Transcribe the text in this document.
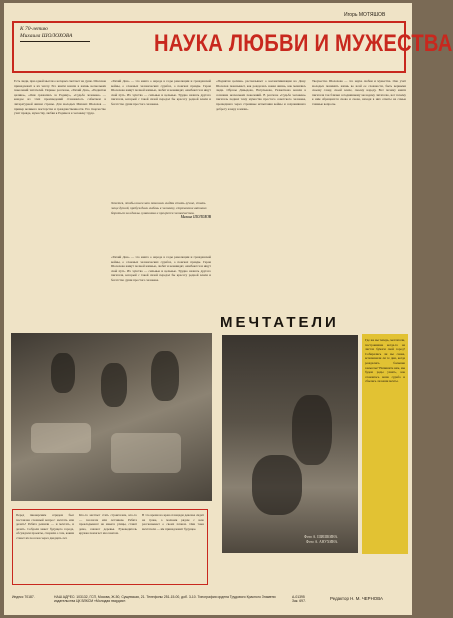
Игорь МОТЯШОВ
К 70-летию
Михаила ШОЛОХОВА	НАУКА ЛЮБВИ И МУЖЕСТВА
Есть люди, при одной мысли о которых светлеет на душе. Шолохов принадлежит к их числу. Его книги вошли в жизнь нескольких поколений читателей. Первые рассказы, «Тихий Дон», «Поднятая целина», «Они сражались за Родину», «Судьба человека» — каждое из этих произведений становилось событием в литературной жизни страны. Для молодых Михаил Шолохов — пример великого мастерства и гражданственности. Его творчество учит правде, мужеству, любви к Родине и к человеку труда.
«Тихий Дон» — это книга о народе в годы революции и гражданской войны, о сложных человеческих судьбах, о поисках правды. Герои Шолохова живут полной жизнью, любят и ненавидят, ошибаются и ищут свой путь. Их чувства — сильные и цельные. Трудно назвать другого писателя, который с такой силой передал бы красоту родной земли и богатство души простого человека.
Хочется, чтобы книги мои помогали людям стать лучше, стать чище душой, пробуждали любовь к человеку, стремление активно бороться за идеалы гуманизма и прогресса человечества.
Михаил ШОЛОХОВ
«Тихий Дон» — это книга о народе в годы революции и гражданской войны, о сложных человеческих судьбах, о поисках правды. Герои Шолохова живут полной жизнью, любят и ненавидят, ошибаются и ищут свой путь. Их чувства — сильные и цельные. Трудно назвать другого писателя, который с такой силой передал бы красоту родной земли и богатство души простого человека.
«Поднятая целина» рассказывает о коллективизации на Дону. Шолохов показывает, как рождалась новая жизнь, как менялись люди. Образы Давыдова, Нагульнова, Разметнова вошли в сознание нескольких поколений. В рассказе «Судьба человека» писатель поднял тему мужества простого советского человека, прошедшего через страшные испытания войны и сохранившего доброту и веру в жизнь.
Творчество Шолохова — это наука любви и мужества. Оно учит молодых понимать жизнь во всей ее сложности, быть верными своему слову, своей земле, своему народу. Вот почему книги писателя так близки сегодняшнему молодому читателю, вот почему к ним обращаются снова и снова, находя в них ответы на самые главные вопросы.
МЕЧТАТЕЛИ
Фото А. ШИШКИНА.
Фото А. АНУХИНА.
Где же вы теперь, мечтатели, построившие когда-то на листах бумаги свой город? Собирались ли вы снова, вспоминали ли те дни, когда рождались большие замыслы? Напишите нам, мы будем рады узнать, как сложилась ваша судьба и сбылись ли ваши мечты.
Перед пионерским отрядом был поставлен сложный вопрос: мечтать или делать? Ребята решили — и мечтать, и делать. Собрали макет будущего города, обсуждали проекты, спорили о том, каким станет их поселок через двадцать лет.
Кто-то мечтает стать строителем, кто-то — геологом или летчиком. Ребята прокладывают на макете улицы, ставят дома, сажают деревья. Руководитель кружка помогает им советом.
В это время на краю площади девочка сидит на траве, а мальчик рядом с нею рассказывает о своих планах. Они тоже мечтатели — им принадлежит будущее.
Индекс 70187.	НАШ АДРЕС: 103132, ГСП, Москва, Ж-50, Сущевская, 21. Телефоны 251-15-00, доб. 3-10. Типография ордена Трудового Красного Знамени издательства ЦК ВЛКСМ «Молодая гвардия».
А-01395
Зак. 697.
Редактор Н. М. ЧЕРНОВА
